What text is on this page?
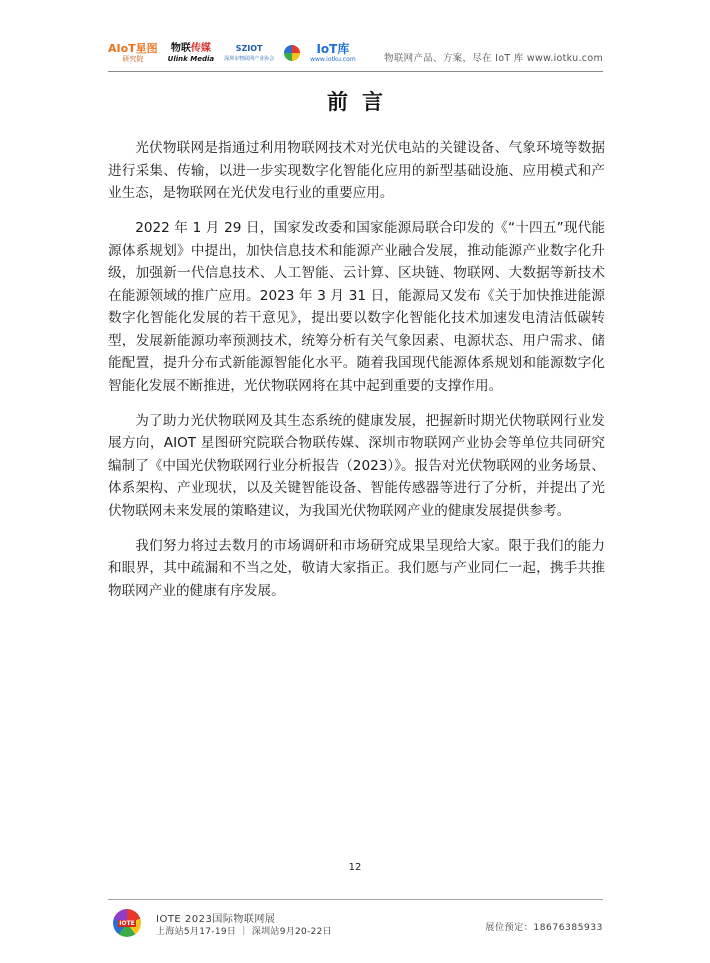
AIoT星图
研究院
物联传媒
Ulink Media
SZIOT
深圳市物联网产业协会
IoT库
www.iotku.com	物联网产品、方案，尽在 IoT 库 www.iotku.com
前言

光伏物联网是指通过利用物联网技术对光伏电站的关键设备、气象环境等数据进行采集、传输，以进一步实现数字化智能化应用的新型基础设施、应用模式和产业生态，是物联网在光伏发电行业的重要应用。

2022 年 1 月 29 日，国家发改委和国家能源局联合印发的《“十四五”现代能源体系规划》中提出，加快信息技术和能源产业融合发展，推动能源产业数字化升级，加强新一代信息技术、人工智能、云计算、区块链、物联网、大数据等新技术在能源领域的推广应用。2023 年 3 月 31 日，能源局又发布《关于加快推进能源数字化智能化发展的若干意见》，提出要以数字化智能化技术加速发电清洁低碳转型，发展新能源功率预测技术，统筹分析有关气象因素、电源状态、用户需求、储能配置，提升分布式新能源智能化水平。随着我国现代能源体系规划和能源数字化智能化发展不断推进，光伏物联网将在其中起到重要的支撑作用。

为了助力光伏物联网及其生态系统的健康发展，把握新时期光伏物联网行业发展方向，AIOT 星图研究院联合物联传媒、深圳市物联网产业协会等单位共同研究编制了《中国光伏物联网行业分析报告（2023）》。报告对光伏物联网的业务场景、体系架构、产业现状，以及关键智能设备、智能传感器等进行了分析，并提出了光伏物联网未来发展的策略建议，为我国光伏物联网产业的健康发展提供参考。

我们努力将过去数月的市场调研和市场研究成果呈现给大家。限于我们的能力和眼界，其中疏漏和不当之处，敬请大家指正。我们愿与产业同仁一起，携手共推物联网产业的健康有序发展。

12
IOTE IOTE 2023国际物联网展
上海站5月17-19日 ｜ 深圳站9月20-22日	展位预定：18676385933
